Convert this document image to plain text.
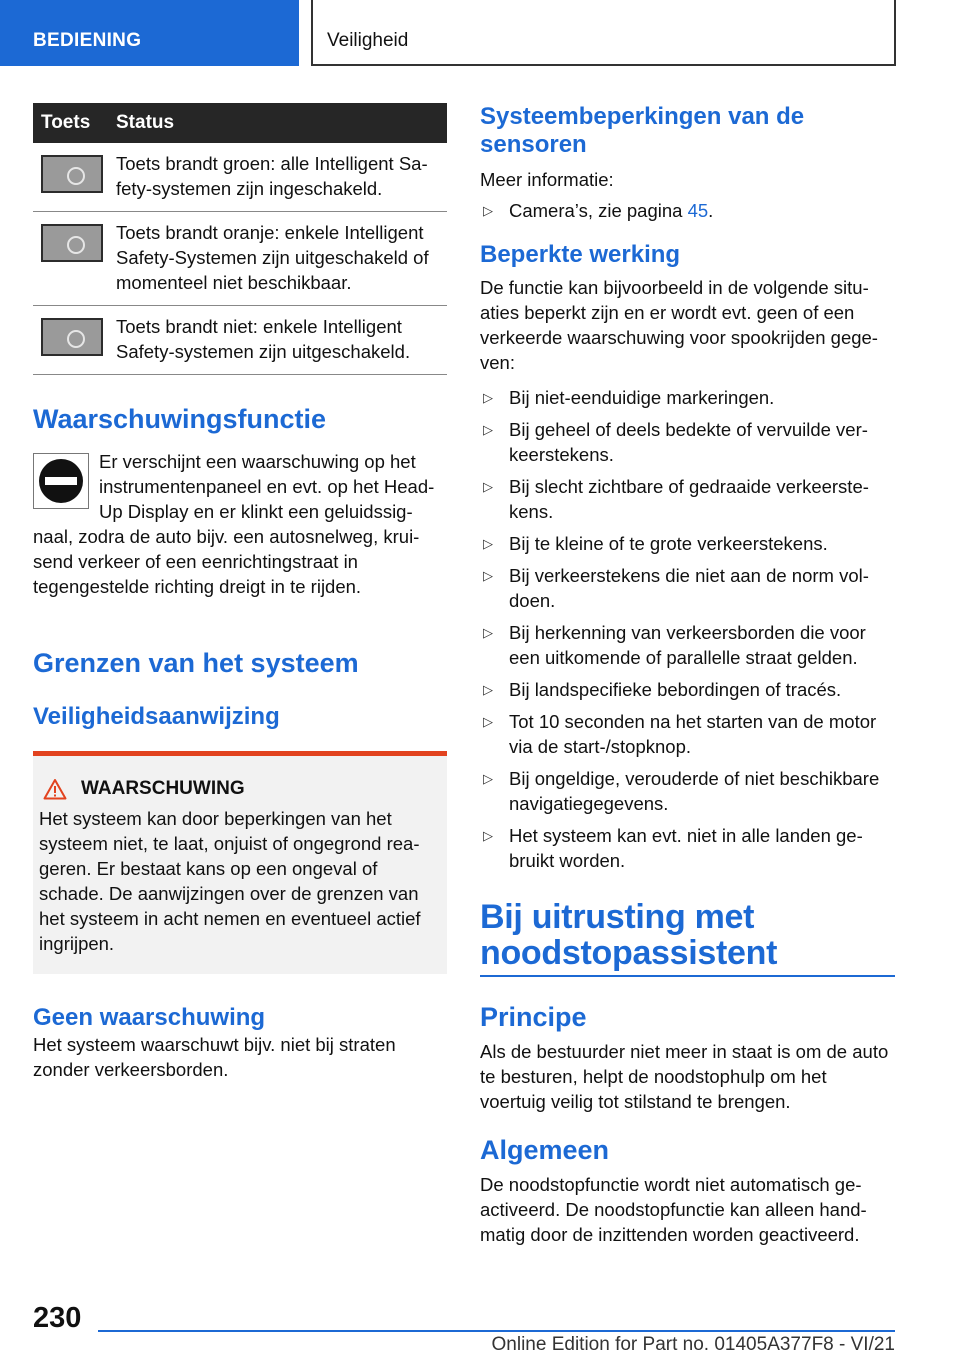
BEDIENING	Veiligheid
Toets	Status
Toets brandt groen: alle Intelligent Sa-fety-systemen zijn ingeschakeld.
Toets brandt oranje: enkele Intelligent Safety-Systemen zijn uitgeschakeld of momenteel niet beschikbaar.
Toets brandt niet: enkele Intelligent Safety-systemen zijn uitgeschakeld.
Waarschuwingsfunctie

Er verschijnt een waarschuwing op het instrumentenpaneel en evt. op het Head-Up Display en er klinkt een geluidssig-naal, zodra de auto bijv. een autosnelweg, krui-send verkeer of een eenrichtingstraat in tegengestelde richting dreigt in te rijden.

Grenzen van het systeem
Veiligheidsaanwijzing
WAARSCHUWING

Het systeem kan door beperkingen van het systeem niet, te laat, onjuist of ongegrond rea-geren. Er bestaat kans op een ongeval of schade. De aanwijzingen over de grenzen van het systeem in acht nemen en eventueel actief ingrijpen.

Geen waarschuwing

Het systeem waarschuwt bijv. niet bij straten zonder verkeersborden.

Systeembeperkingen van de sensoren

Meer informatie:

▷ Camera’s, zie pagina 45.
Beperkte werking

De functie kan bijvoorbeeld in de volgende situ-aties beperkt zijn en er wordt evt. geen of een verkeerde waarschuwing voor spookrijden gege-ven:

▷ Bij niet-eenduidige markeringen.
▷ Bij geheel of deels bedekte of vervuilde ver-keerstekens.
▷ Bij slecht zichtbare of gedraaide verkeerste-kens.
▷ Bij te kleine of te grote verkeerstekens.
▷ Bij verkeerstekens die niet aan de norm vol-doen.
▷ Bij herkenning van verkeersborden die voor een uitkomende of parallelle straat gelden.
▷ Bij landspecifieke bebordingen of tracés.
▷ Tot 10 seconden na het starten van de motor via de start-/stopknop.
▷ Bij ongeldige, verouderde of niet beschikbare navigatiegegevens.
▷ Het systeem kan evt. niet in alle landen ge-bruikt worden.
Bij uitrusting met noodstopassistent
Principe

Als de bestuurder niet meer in staat is om de auto te besturen, helpt de noodstophulp om het voertuig veilig tot stilstand te brengen.

Algemeen

De noodstopfunctie wordt niet automatisch ge-activeerd. De noodstopfunctie kan alleen hand-matig door de inzittenden worden geactiveerd.

230
Online Edition for Part no. 01405A377F8 - VI/21
